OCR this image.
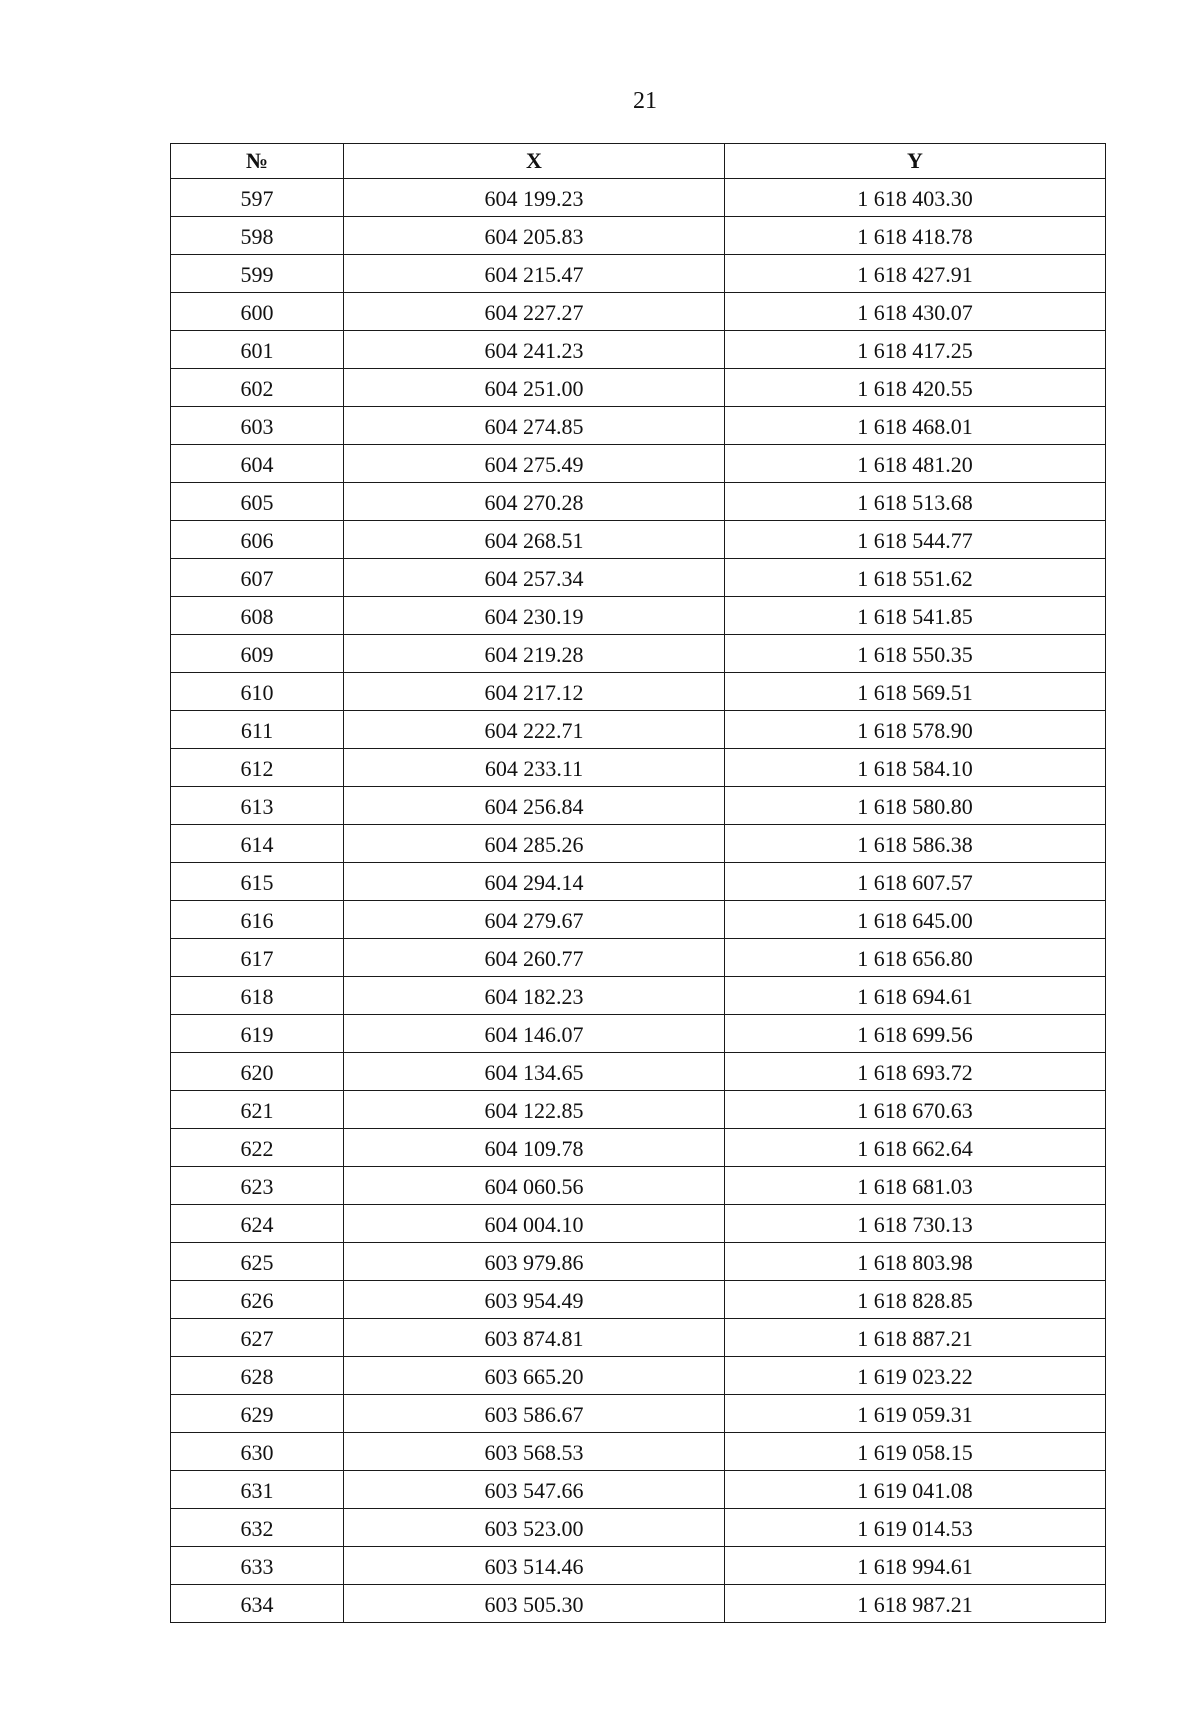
21
№	X	Y
597	604 199.23	1 618 403.30
598	604 205.83	1 618 418.78
599	604 215.47	1 618 427.91
600	604 227.27	1 618 430.07
601	604 241.23	1 618 417.25
602	604 251.00	1 618 420.55
603	604 274.85	1 618 468.01
604	604 275.49	1 618 481.20
605	604 270.28	1 618 513.68
606	604 268.51	1 618 544.77
607	604 257.34	1 618 551.62
608	604 230.19	1 618 541.85
609	604 219.28	1 618 550.35
610	604 217.12	1 618 569.51
611	604 222.71	1 618 578.90
612	604 233.11	1 618 584.10
613	604 256.84	1 618 580.80
614	604 285.26	1 618 586.38
615	604 294.14	1 618 607.57
616	604 279.67	1 618 645.00
617	604 260.77	1 618 656.80
618	604 182.23	1 618 694.61
619	604 146.07	1 618 699.56
620	604 134.65	1 618 693.72
621	604 122.85	1 618 670.63
622	604 109.78	1 618 662.64
623	604 060.56	1 618 681.03
624	604 004.10	1 618 730.13
625	603 979.86	1 618 803.98
626	603 954.49	1 618 828.85
627	603 874.81	1 618 887.21
628	603 665.20	1 619 023.22
629	603 586.67	1 619 059.31
630	603 568.53	1 619 058.15
631	603 547.66	1 619 041.08
632	603 523.00	1 619 014.53
633	603 514.46	1 618 994.61
634	603 505.30	1 618 987.21
